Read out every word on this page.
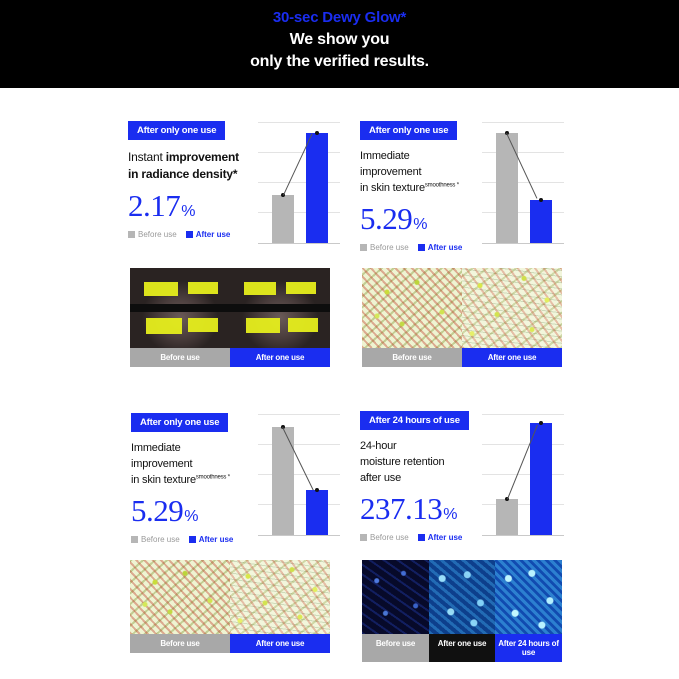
30-sec Dewy Glow*
We show you
only the verified results.
After only one use
Instant improvement
in radiance density*
2.17%
Before use After use
After only one use
Immediate
improvement
in skin texture$^{smoothness *}$
5.29%
Before use After use
Before use	After one use	Before use	After one use
After only one use
Immediate
improvement
in skin texture$^{smoothness *}$
5.29%
Before use After use
After 24 hours of use
24-hour
moisture retention
after use
237.13%
Before use After use
Before use	After one use	Before use	After one use	After 24 hours of use
